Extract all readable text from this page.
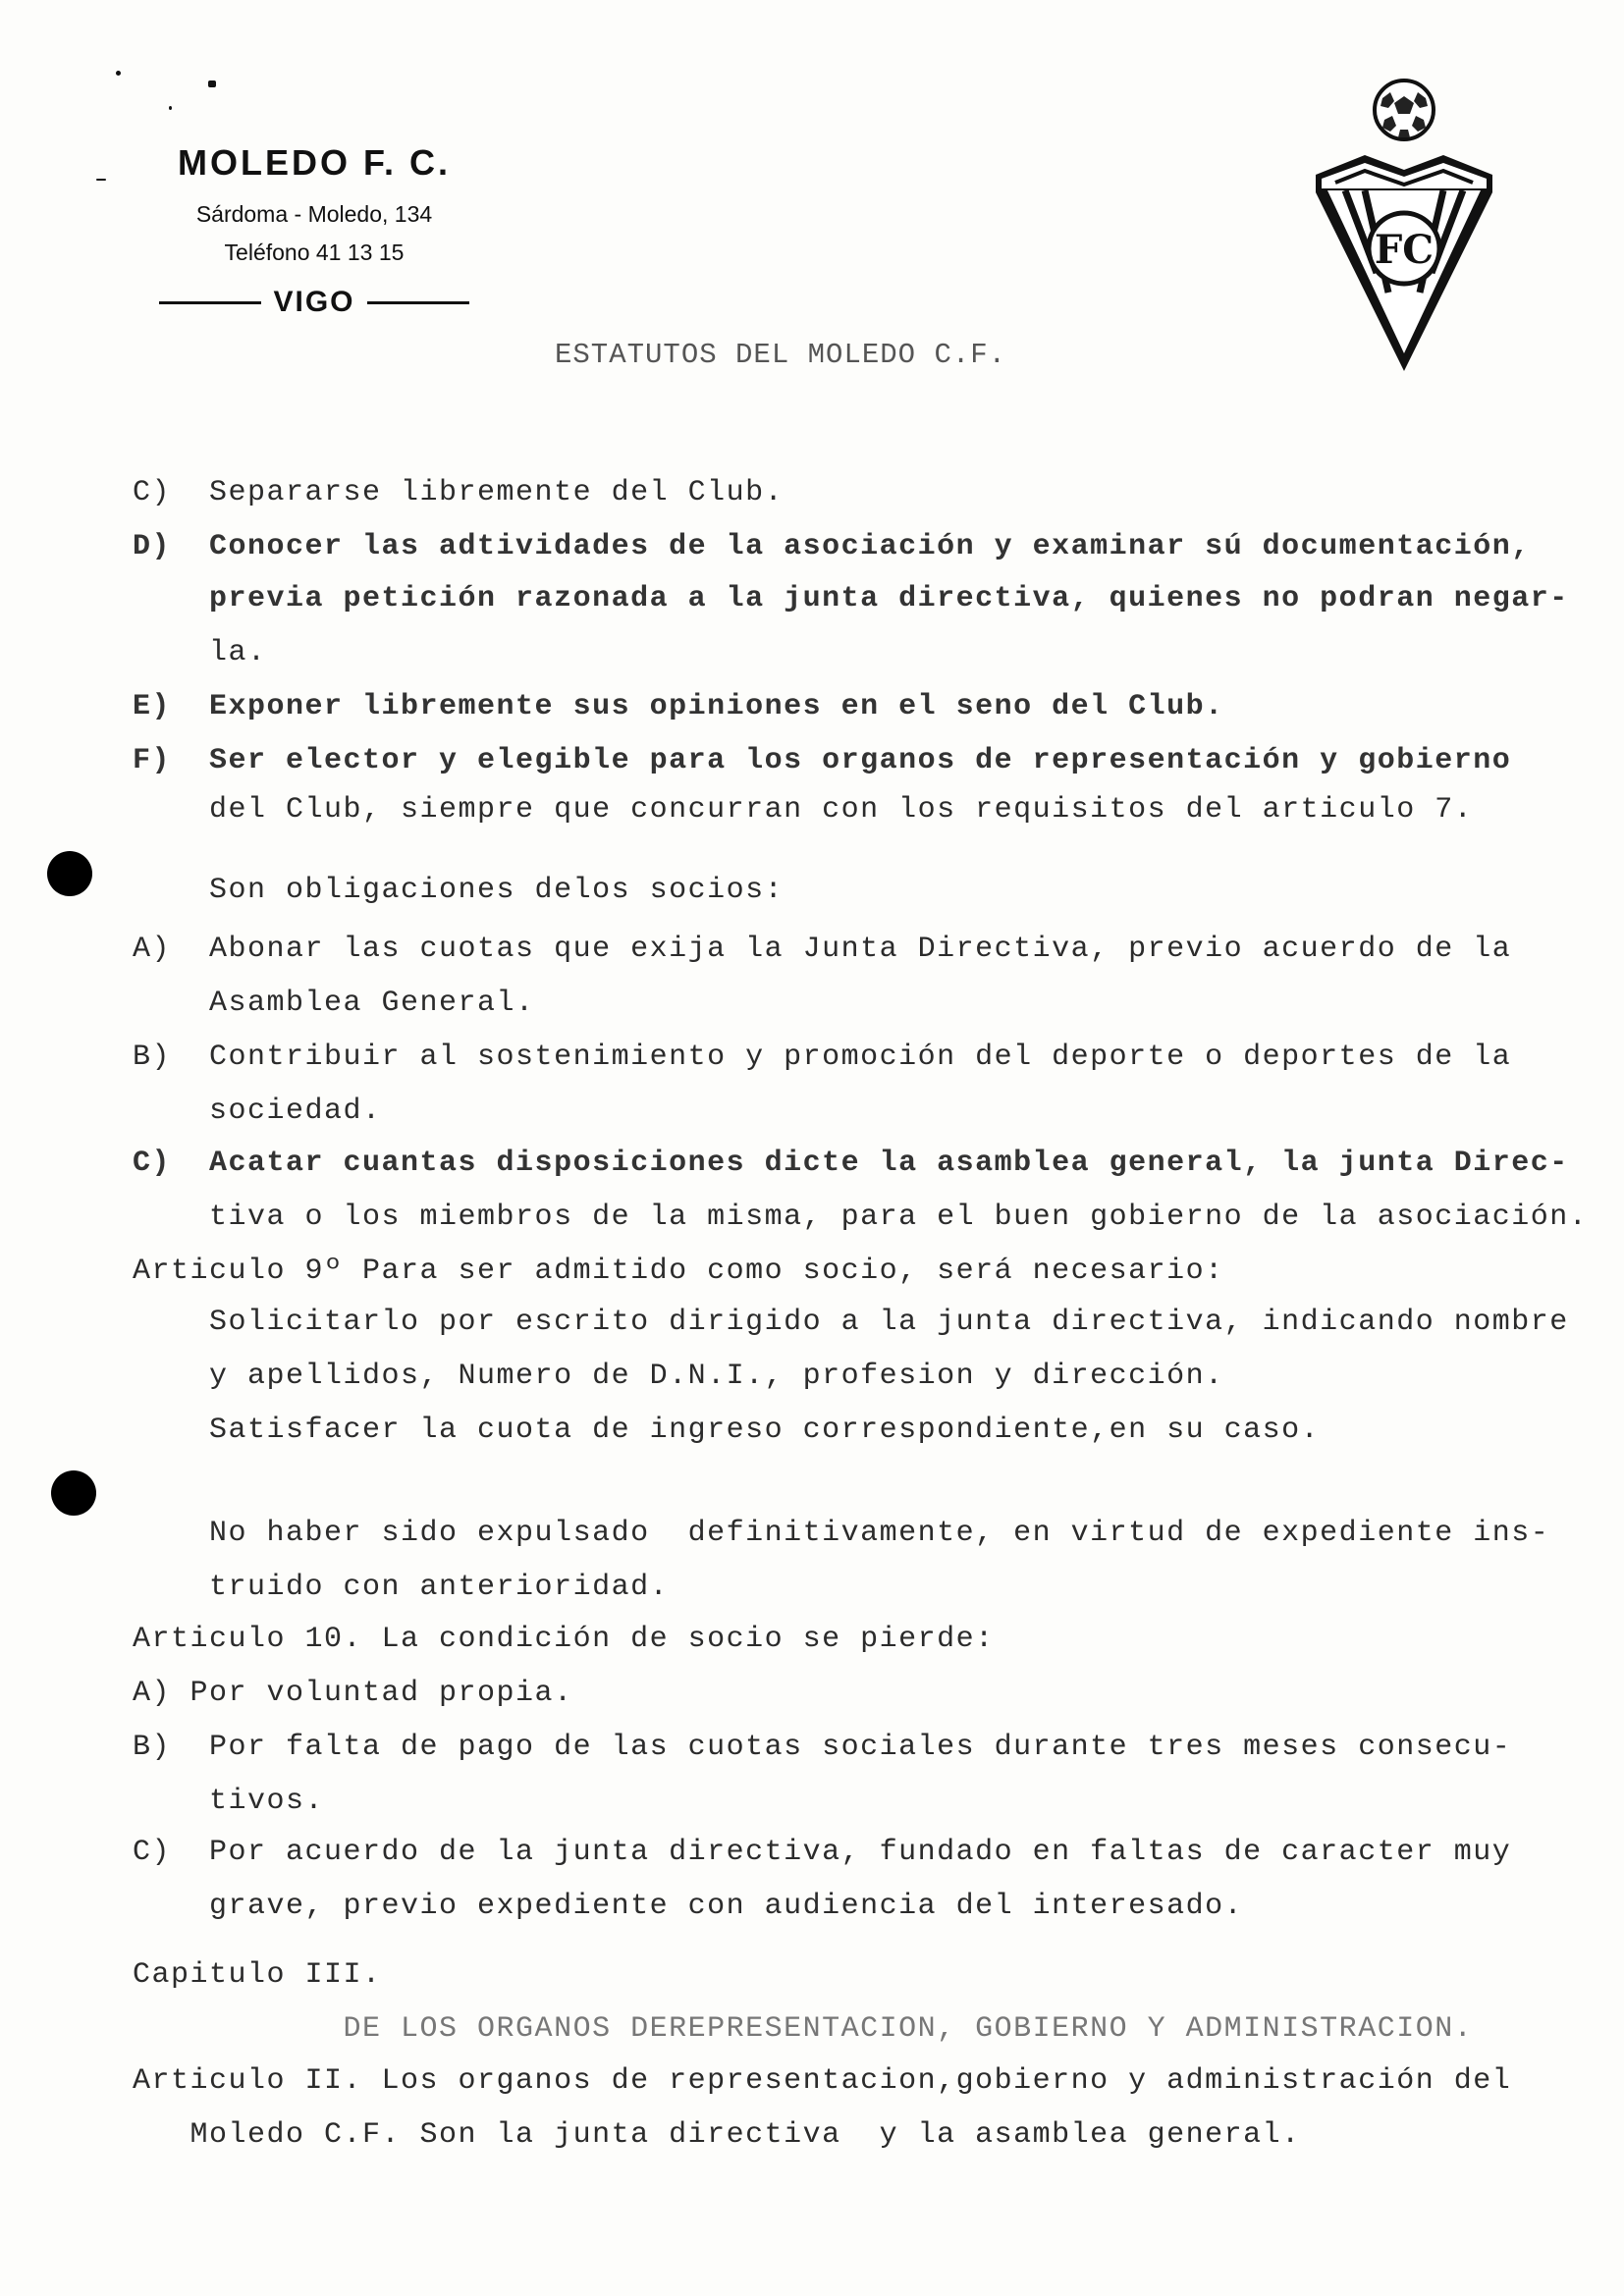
MOLEDO F. C.
Sárdoma - Moledo, 134
Teléfono 41 13 15
VIGO
FC
ESTATUTOS DEL MOLEDO C.F.
C)  Separarse libremente del Club.
D)  Conocer las adtividades de la asociación y examinar sú documentación,
previa petición razonada a la junta directiva, quienes no podran negar-
la.
E)  Exponer libremente sus opiniones en el seno del Club.
F)  Ser elector y elegible para los organos de representación y gobierno
del Club, siempre que concurran con los requisitos del articulo 7.
Son obligaciones delos socios:
A)  Abonar las cuotas que exija la Junta Directiva, previo acuerdo de la
Asamblea General.
B)  Contribuir al sostenimiento y promoción del deporte o deportes de la
sociedad.
C)  Acatar cuantas disposiciones dicte la asamblea general, la junta Direc-
tiva o los miembros de la misma, para el buen gobierno de la asociación.
Articulo 9º Para ser admitido como socio, será necesario:
Solicitarlo por escrito dirigido a la junta directiva, indicando nombre
y apellidos, Numero de D.N.I., profesion y dirección.
Satisfacer la cuota de ingreso correspondiente,en su caso.
No haber sido expulsado  definitivamente, en virtud de expediente ins-
truido con anterioridad.
Articulo 10. La condición de socio se pierde:
A) Por voluntad propia.
B)  Por falta de pago de las cuotas sociales durante tres meses consecu-
tivos.
C)  Por acuerdo de la junta directiva, fundado en faltas de caracter muy
grave, previo expediente con audiencia del interesado.
Capitulo III.
DE LOS ORGANOS DEREPRESENTACION, GOBIERNO Y ADMINISTRACION.
Articulo II. Los organos de representacion,gobierno y administración del
Moledo C.F. Son la junta directiva  y la asamblea general.
